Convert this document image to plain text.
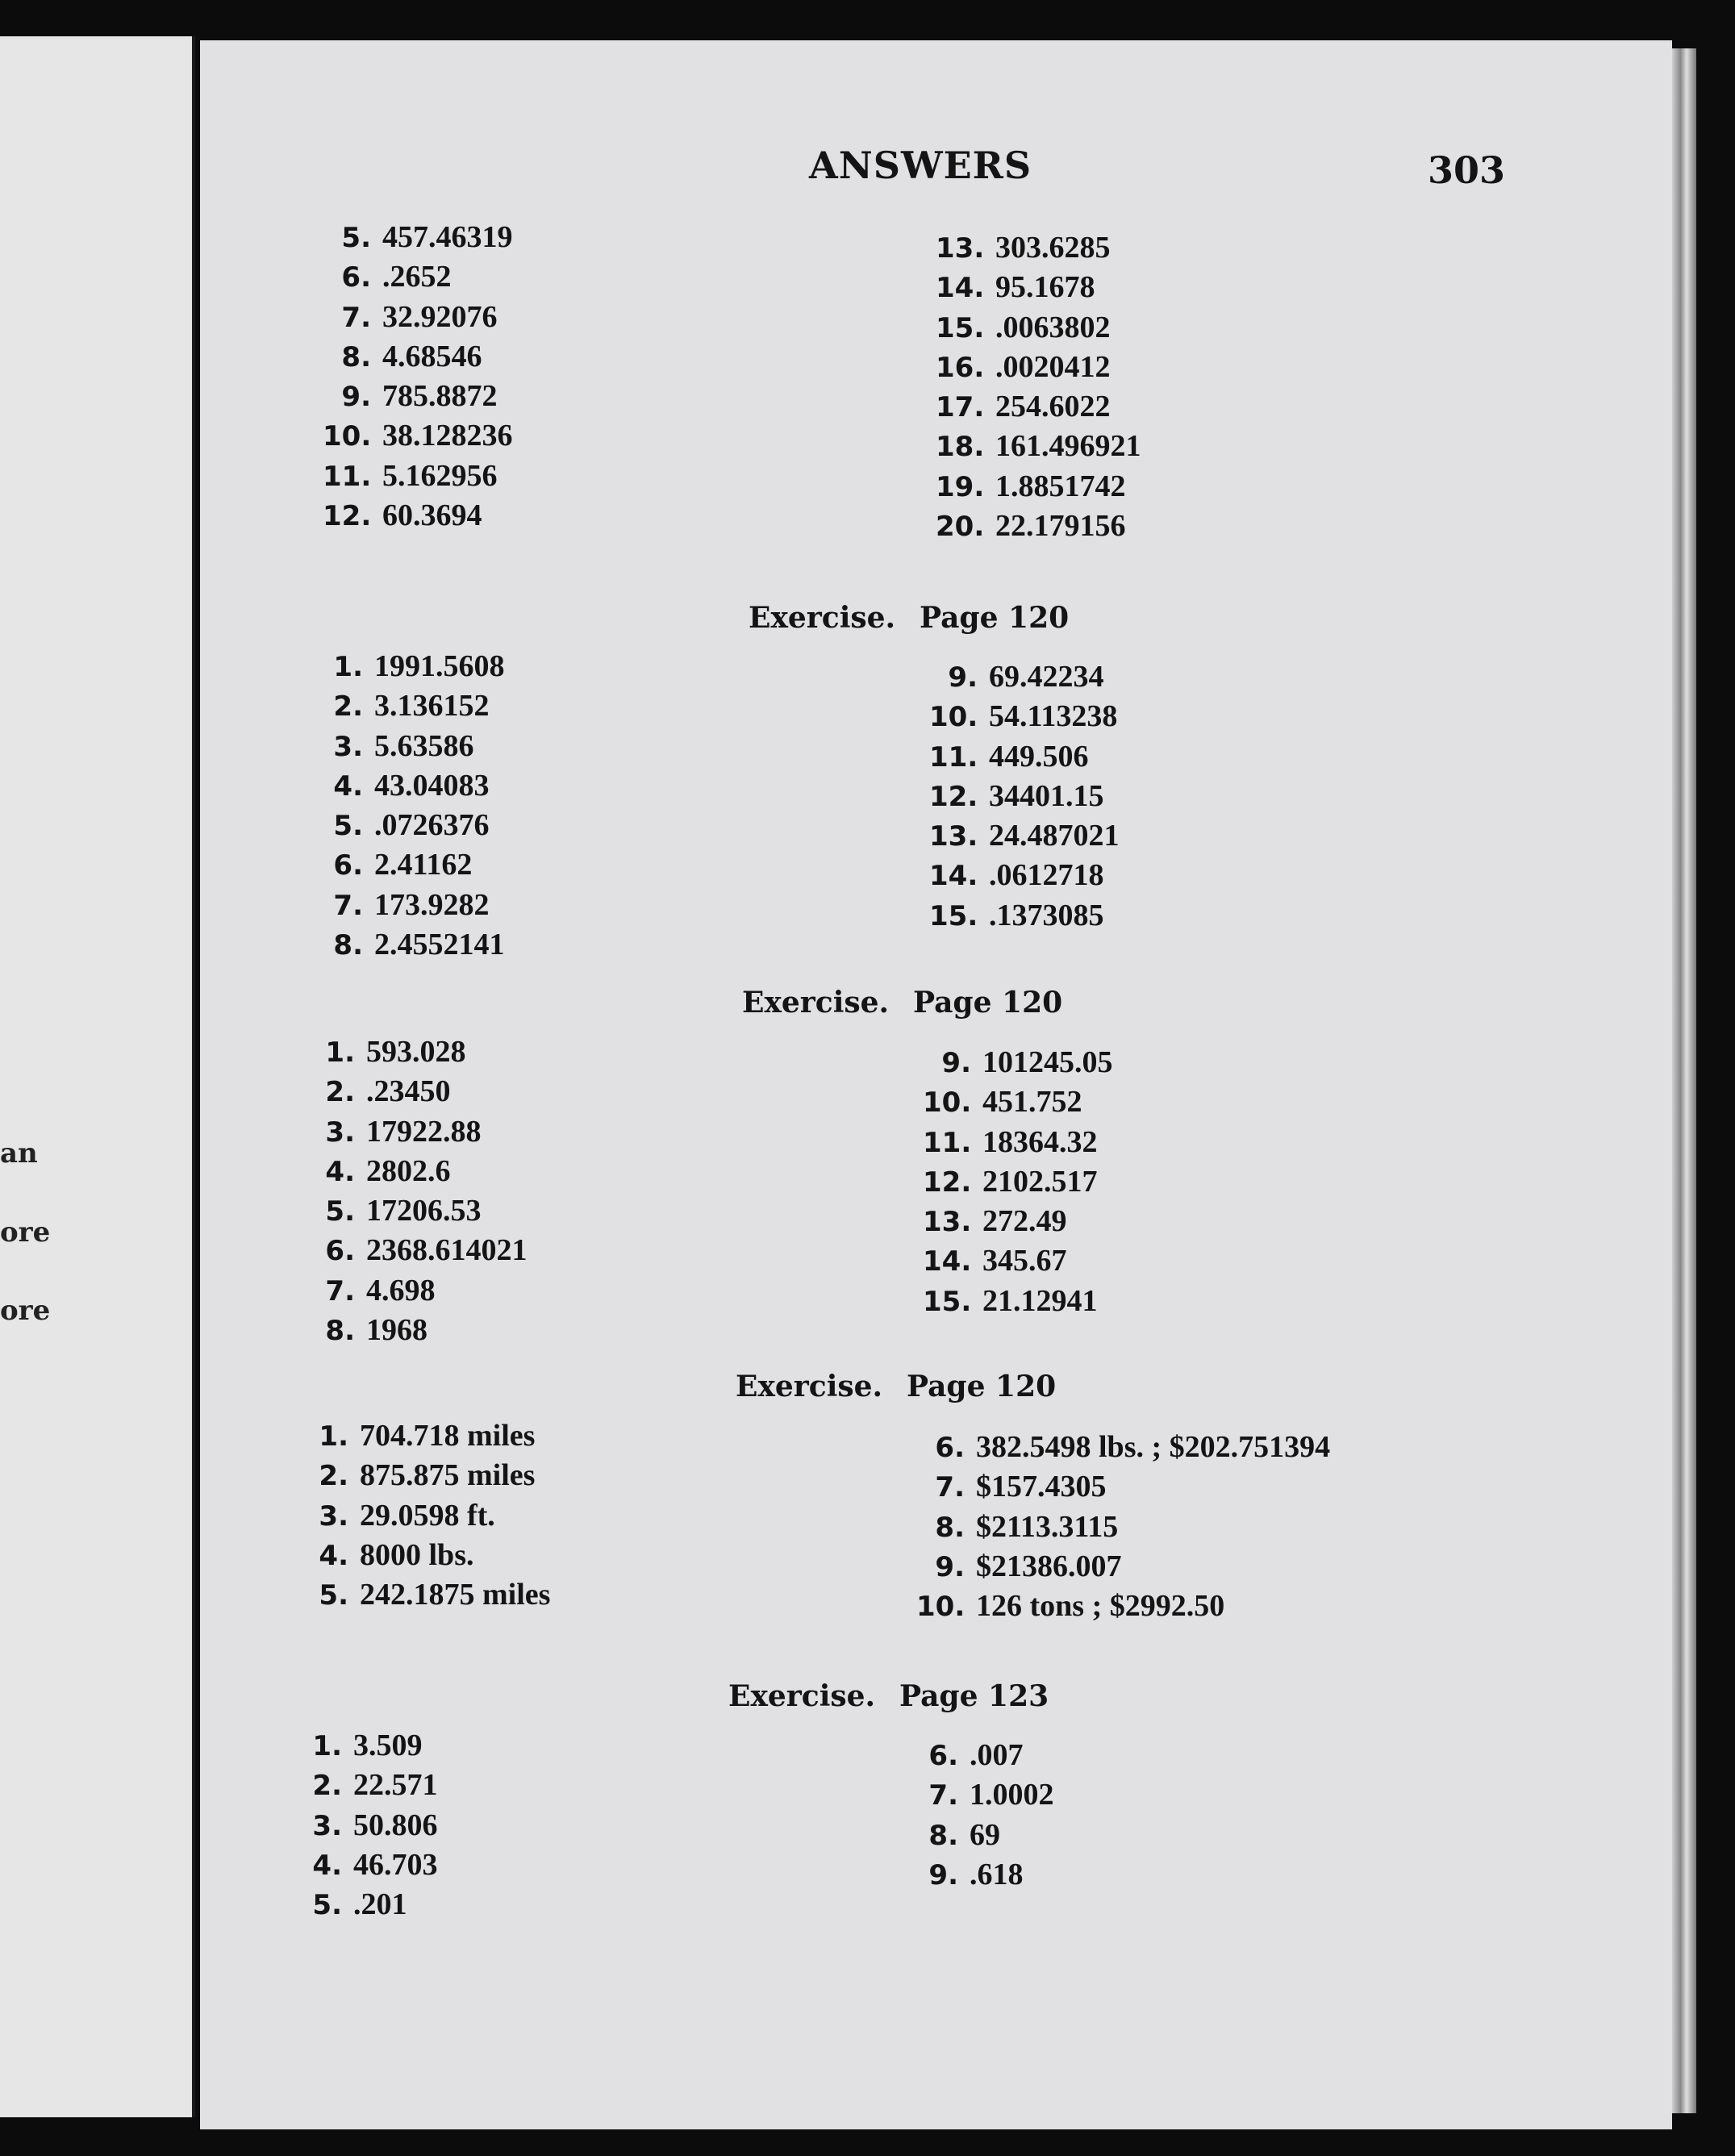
an
ore
ore
ANSWERS	303
5. 457.46319
6. .2652
7. 32.92076
8. 4.68546
9. 785.8872
10. 38.128236
11. 5.162956
12. 60.3694
13. 303.6285
14. 95.1678
15. .0063802
16. .0020412
17. 254.6022
18. 161.496921
19. 1.8851742
20. 22.179156
Exercise. Page 120
1. 1991.5608
2. 3.136152
3. 5.63586
4. 43.04083
5. .0726376
6. 2.41162
7. 173.9282
8. 2.4552141
9. 69.42234
10. 54.113238
11. 449.506
12. 34401.15
13. 24.487021
14. .0612718
15. .1373085
Exercise. Page 120
1. 593.028
2. .23450
3. 17922.88
4. 2802.6
5. 17206.53
6. 2368.614021
7. 4.698
8. 1968
9. 101245.05
10. 451.752
11. 18364.32
12. 2102.517
13. 272.49
14. 345.67
15. 21.12941
Exercise. Page 120
1. 704.718 miles
2. 875.875 miles
3. 29.0598 ft.
4. 8000 lbs.
5. 242.1875 miles
6. 382.5498 lbs. ; $202.751394
7. $157.4305
8. $2113.3115
9. $21386.007
10. 126 tons ; $2992.50
Exercise. Page 123
1. 3.509
2. 22.571
3. 50.806
4. 46.703
5. .201
6. .007
7. 1.0002
8. 69
9. .618
